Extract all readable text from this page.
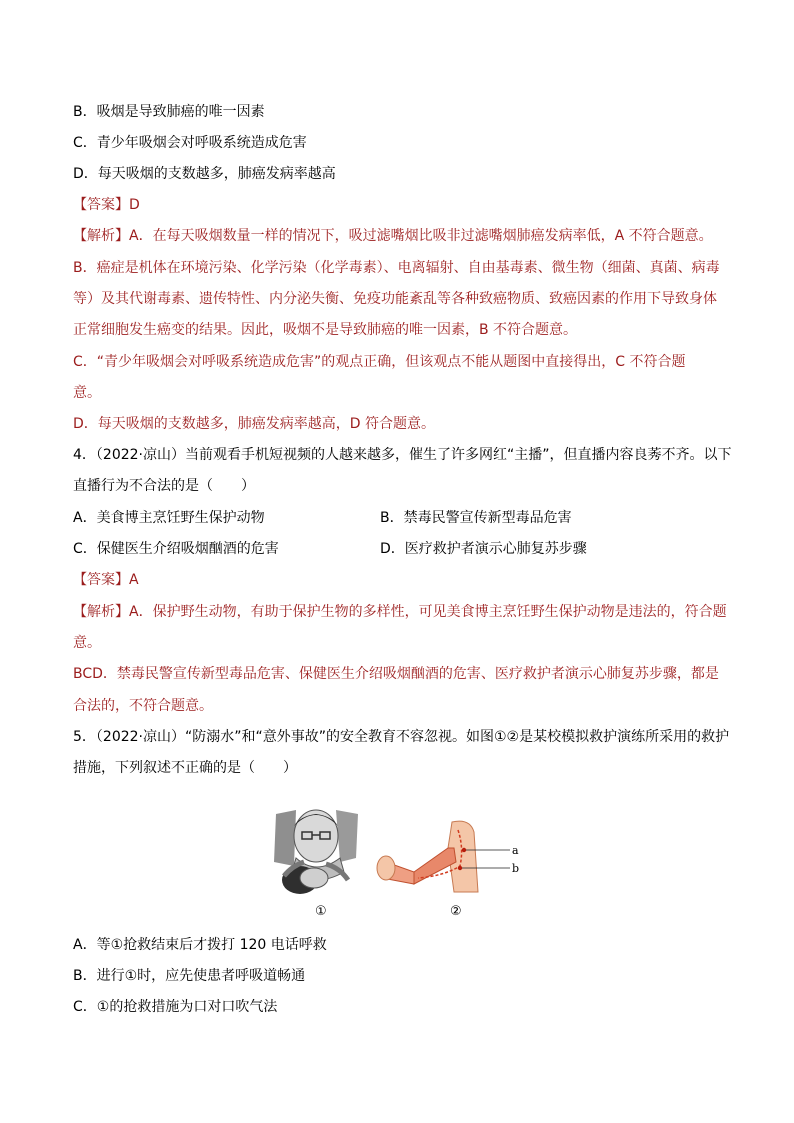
B．吸烟是导致肺癌的唯一因素
C．青少年吸烟会对呼吸系统造成危害
D．每天吸烟的支数越多，肺癌发病率越高
【答案】D
【解析】A．在每天吸烟数量一样的情况下，吸过滤嘴烟比吸非过滤嘴烟肺癌发病率低，A 不符合题意。
B．癌症是机体在环境污染、化学污染（化学毒素）、电离辐射、自由基毒素、微生物（细菌、真菌、病毒
等）及其代谢毒素、遗传特性、内分泌失衡、免疫功能紊乱等各种致癌物质、致癌因素的作用下导致身体
正常细胞发生癌变的结果。因此，吸烟不是导致肺癌的唯一因素，B 不符合题意。
C．“青少年吸烟会对呼吸系统造成危害”的观点正确，但该观点不能从题图中直接得出，C 不符合题
意。
D．每天吸烟的支数越多，肺癌发病率越高，D 符合题意。
4．（2022·凉山）当前观看手机短视频的人越来越多，催生了许多网红“主播”，但直播内容良莠不齐。以下
直播行为不合法的是（　　）
A．美食博主烹饪野生保护动物	B．禁毒民警宣传新型毒品危害
C．保健医生介绍吸烟酗酒的危害	D．医疗救护者演示心肺复苏步骤
【答案】A
【解析】A．保护野生动物，有助于保护生物的多样性，可见美食博主烹饪野生保护动物是违法的，符合题
意。
BCD．禁毒民警宣传新型毒品危害、保健医生介绍吸烟酗酒的危害、医疗救护者演示心肺复苏步骤，都是
合法的，不符合题意。
5．（2022·凉山）“防溺水”和“意外事故”的安全教育不容忽视。如图①②是某校模拟救护演练所采用的救护
措施，下列叙述不正确的是（　　）
a
b
①	②
A．等①抢救结束后才拨打 120 电话呼救
B．进行①时，应先使患者呼吸道畅通
C．①的抢救措施为口对口吹气法
